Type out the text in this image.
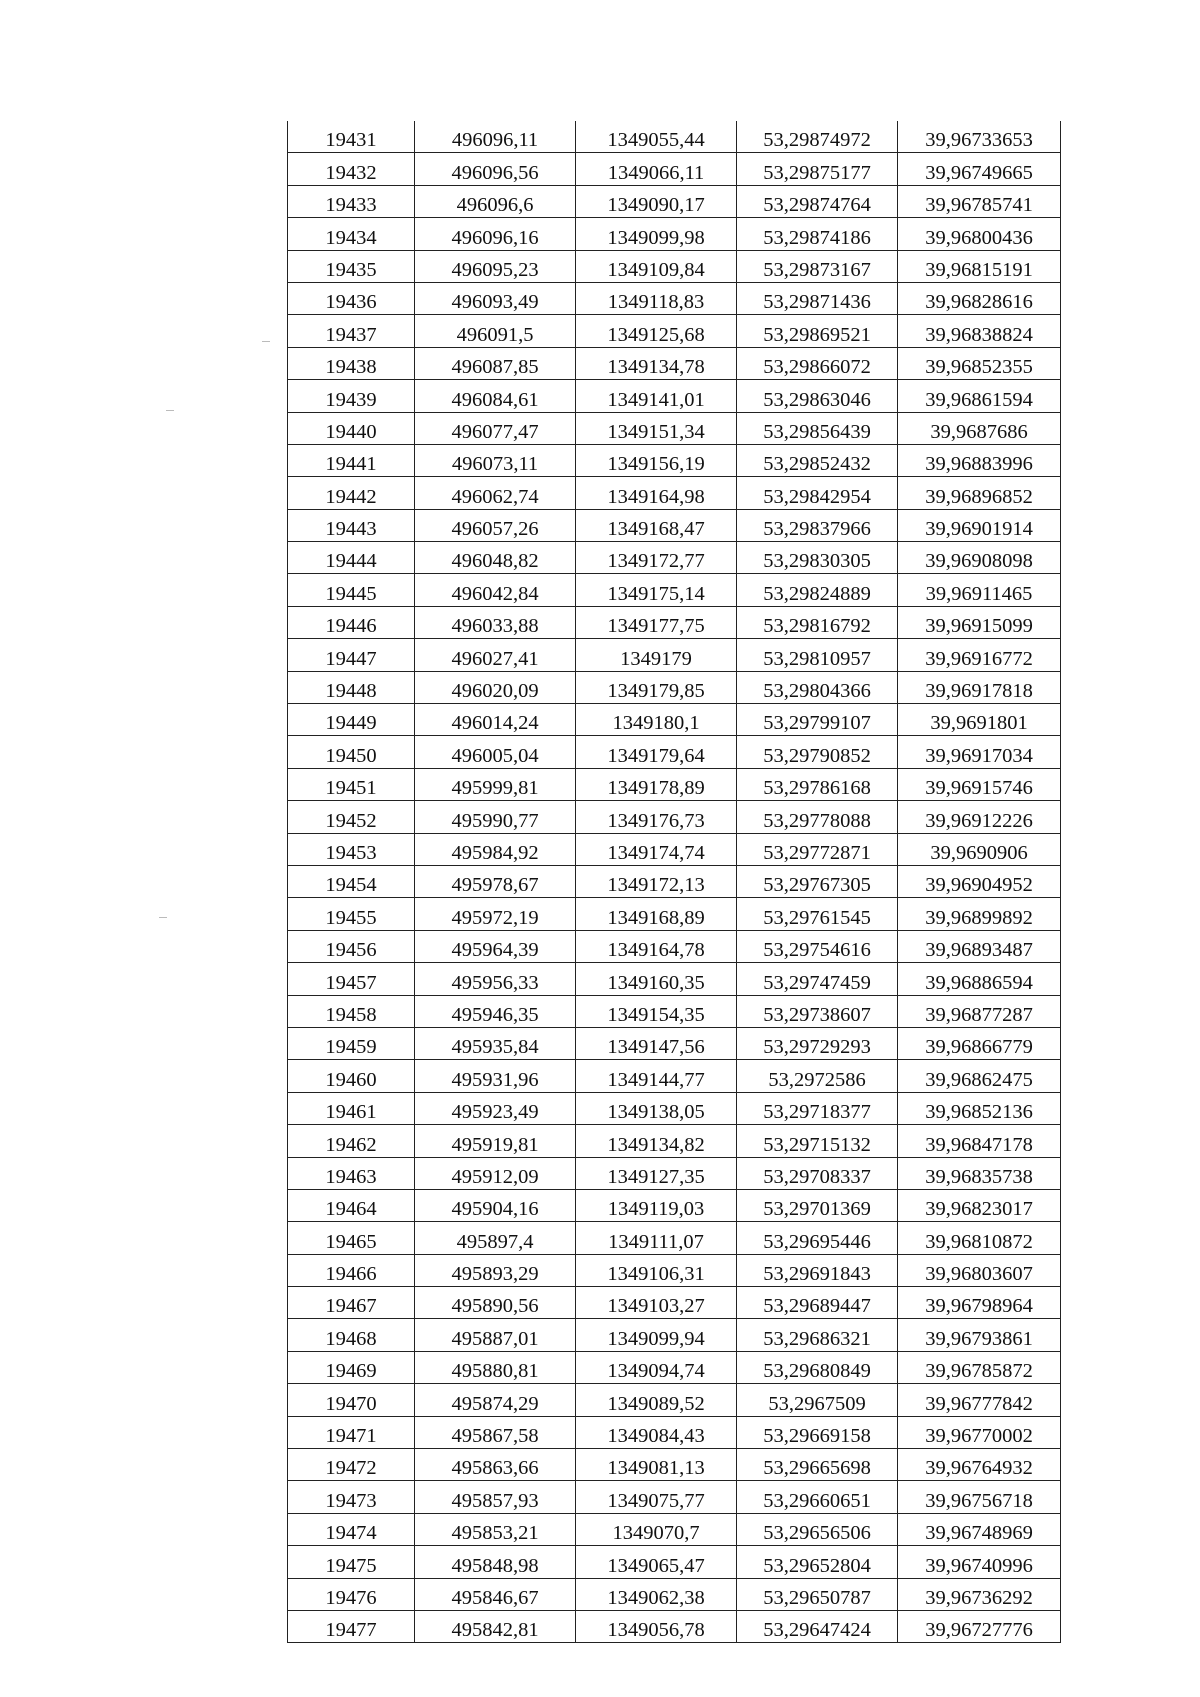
19431	496096,11	1349055,44	53,29874972	39,96733653
19432	496096,56	1349066,11	53,29875177	39,96749665
19433	496096,6	1349090,17	53,29874764	39,96785741
19434	496096,16	1349099,98	53,29874186	39,96800436
19435	496095,23	1349109,84	53,29873167	39,96815191
19436	496093,49	1349118,83	53,29871436	39,96828616
19437	496091,5	1349125,68	53,29869521	39,96838824
19438	496087,85	1349134,78	53,29866072	39,96852355
19439	496084,61	1349141,01	53,29863046	39,96861594
19440	496077,47	1349151,34	53,29856439	39,9687686
19441	496073,11	1349156,19	53,29852432	39,96883996
19442	496062,74	1349164,98	53,29842954	39,96896852
19443	496057,26	1349168,47	53,29837966	39,96901914
19444	496048,82	1349172,77	53,29830305	39,96908098
19445	496042,84	1349175,14	53,29824889	39,96911465
19446	496033,88	1349177,75	53,29816792	39,96915099
19447	496027,41	1349179	53,29810957	39,96916772
19448	496020,09	1349179,85	53,29804366	39,96917818
19449	496014,24	1349180,1	53,29799107	39,9691801
19450	496005,04	1349179,64	53,29790852	39,96917034
19451	495999,81	1349178,89	53,29786168	39,96915746
19452	495990,77	1349176,73	53,29778088	39,96912226
19453	495984,92	1349174,74	53,29772871	39,9690906
19454	495978,67	1349172,13	53,29767305	39,96904952
19455	495972,19	1349168,89	53,29761545	39,96899892
19456	495964,39	1349164,78	53,29754616	39,96893487
19457	495956,33	1349160,35	53,29747459	39,96886594
19458	495946,35	1349154,35	53,29738607	39,96877287
19459	495935,84	1349147,56	53,29729293	39,96866779
19460	495931,96	1349144,77	53,2972586	39,96862475
19461	495923,49	1349138,05	53,29718377	39,96852136
19462	495919,81	1349134,82	53,29715132	39,96847178
19463	495912,09	1349127,35	53,29708337	39,96835738
19464	495904,16	1349119,03	53,29701369	39,96823017
19465	495897,4	1349111,07	53,29695446	39,96810872
19466	495893,29	1349106,31	53,29691843	39,96803607
19467	495890,56	1349103,27	53,29689447	39,96798964
19468	495887,01	1349099,94	53,29686321	39,96793861
19469	495880,81	1349094,74	53,29680849	39,96785872
19470	495874,29	1349089,52	53,2967509	39,96777842
19471	495867,58	1349084,43	53,29669158	39,96770002
19472	495863,66	1349081,13	53,29665698	39,96764932
19473	495857,93	1349075,77	53,29660651	39,96756718
19474	495853,21	1349070,7	53,29656506	39,96748969
19475	495848,98	1349065,47	53,29652804	39,96740996
19476	495846,67	1349062,38	53,29650787	39,96736292
19477	495842,81	1349056,78	53,29647424	39,96727776
